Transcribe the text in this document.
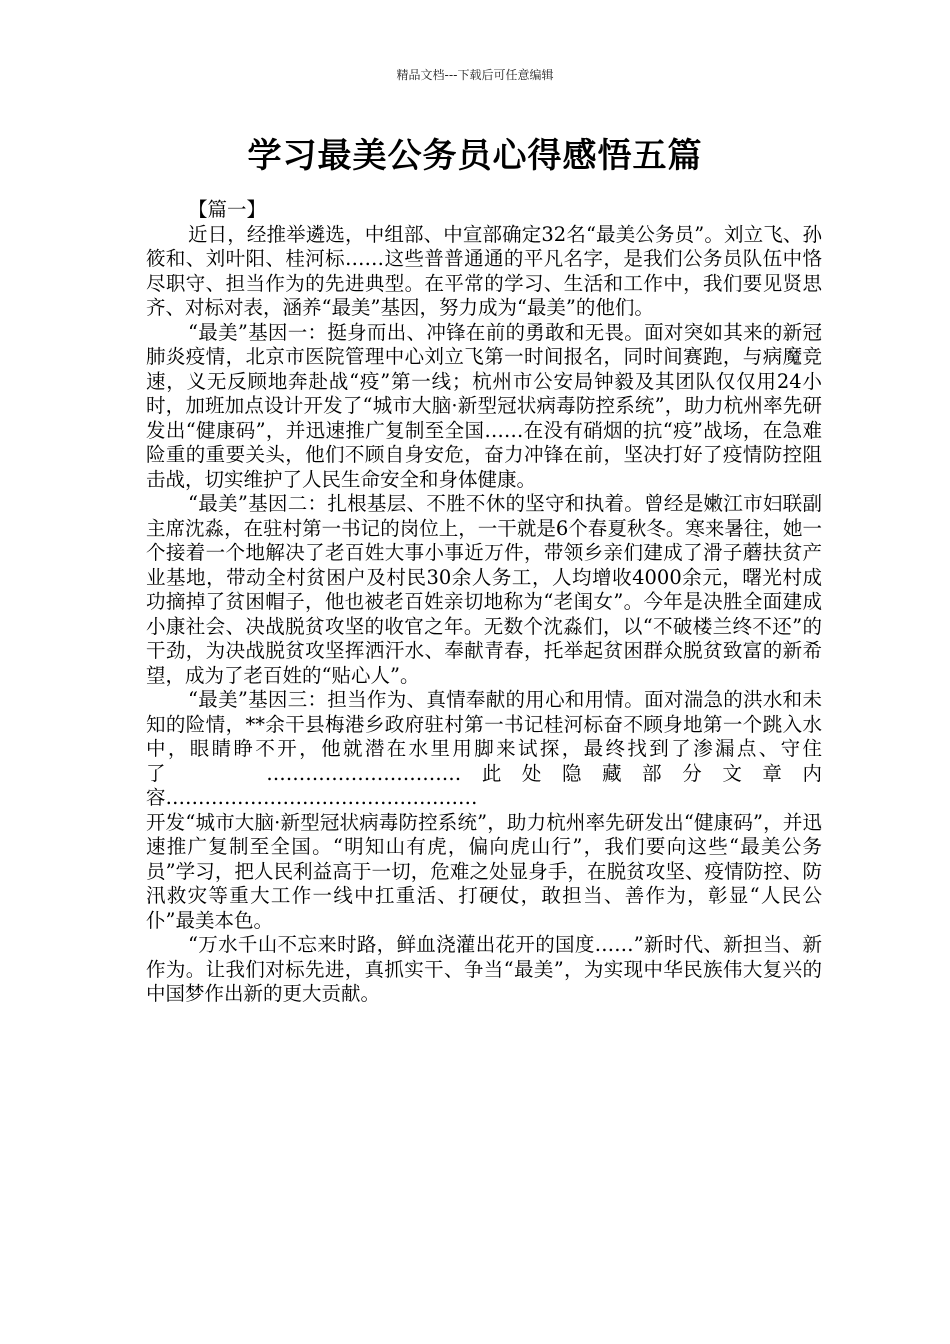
精品文档---下载后可任意编辑
学习最美公务员心得感悟五篇

【篇一】

近日，经推举遴选，中组部、中宣部确定32名“最美公务员”。刘立飞、孙筱和、刘叶阳、桂河标……这些普普通通的平凡名字，是我们公务员队伍中恪尽职守、担当作为的先进典型。在平常的学习、生活和工作中，我们要见贤思齐、对标对表，涵养“最美”基因，努力成为“最美”的他们。

“最美”基因一：挺身而出、冲锋在前的勇敢和无畏。面对突如其来的新冠肺炎疫情，北京市医院管理中心刘立飞第一时间报名，同时间赛跑，与病魔竞速，义无反顾地奔赴战“疫”第一线；杭州市公安局钟毅及其团队仅仅用24小时，加班加点设计开发了“城市大脑·新型冠状病毒防控系统”，助力杭州率先研发出“健康码”，并迅速推广复制至全国……在没有硝烟的抗“疫”战场，在急难险重的重要关头，他们不顾自身安危，奋力冲锋在前，坚决打好了疫情防控阻击战，切实维护了人民生命安全和身体健康。

“最美”基因二：扎根基层、不胜不休的坚守和执着。曾经是嫩江市妇联副主席沈淼，在驻村第一书记的岗位上，一干就是6个春夏秋冬。寒来暑往，她一个接着一个地解决了老百姓大事小事近万件，带领乡亲们建成了滑子蘑扶贫产业基地，带动全村贫困户及村民30余人务工，人均增收4000余元，曙光村成功摘掉了贫困帽子，他也被老百姓亲切地称为“老闺女”。今年是决胜全面建成小康社会、决战脱贫攻坚的收官之年。无数个沈淼们，以“不破楼兰终不还”的干劲，为决战脱贫攻坚挥洒汗水、奉献青春，托举起贫困群众脱贫致富的新希望，成为了老百姓的“贴心人”。

“最美”基因三：担当作为、真情奉献的用心和用情。面对湍急的洪水和未知的险情，**余干县梅港乡政府驻村第一书记桂河标奋不顾身地第一个跳入水中，眼睛睁不开，他就潜在水里用脚来试探，最终找到了渗漏点、守住了　　…………………………此处隐藏部分文章内容…………………………………………

开发“城市大脑·新型冠状病毒防控系统”，助力杭州率先研发出“健康码”，并迅速推广复制至全国。“明知山有虎，偏向虎山行”，我们要向这些“最美公务员”学习，把人民利益高于一切，危难之处显身手，在脱贫攻坚、疫情防控、防汛救灾等重大工作一线中扛重活、打硬仗，敢担当、善作为，彰显“人民公仆”最美本色。

“万水千山不忘来时路，鲜血浇灌出花开的国度……”新时代、新担当、新作为。让我们对标先进，真抓实干、争当“最美”，为实现中华民族伟大复兴的中国梦作出新的更大贡献。
